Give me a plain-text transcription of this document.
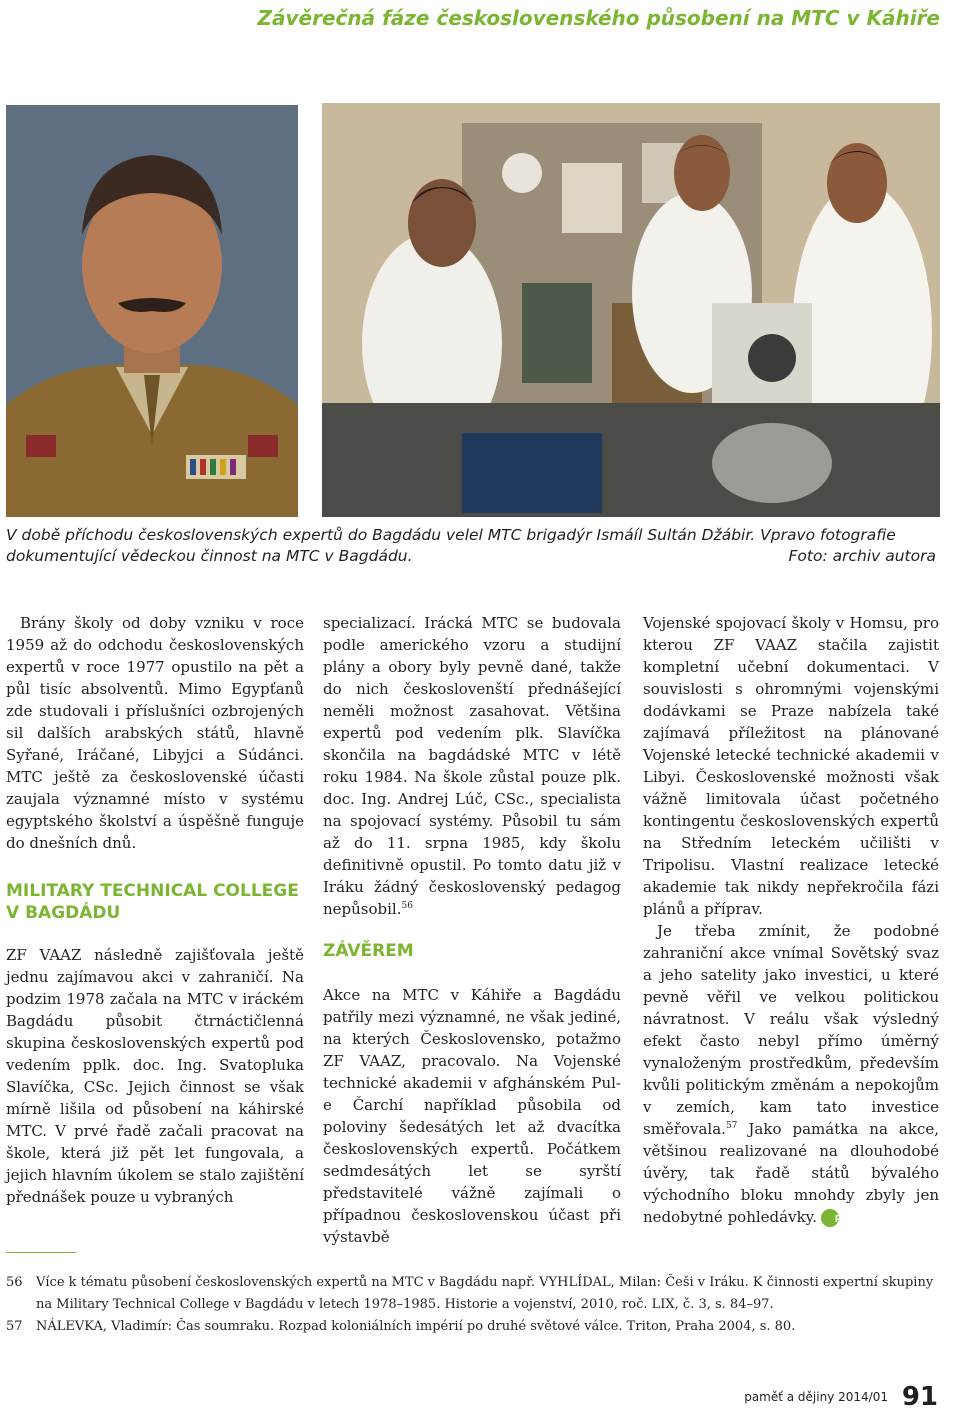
Závěrečná fáze československého působení na MTC v Káhiře
V době příchodu československých expertů do Bagdádu velel MTC brigadýr Ismáíl Sultán Džábir. Vpravo fotografie dokumentující vědeckou činnost na MTC v Bagdádu.	Foto: archiv autora

Brány školy od doby vzniku v roce 1959 až do odchodu československých expertů v roce 1977 opustilo na pět a půl tisíc absolventů. Mimo Egypťanů zde studovali i příslušníci ozbrojených sil dalších arabských států, hlavně Syřané, Iráčané, Libyjci a Súdánci. MTC ještě za československé účasti zaujala významné místo v systému egyptského školství a úspěšně funguje do dnešních dnů.

MILITARY TECHNICAL COLLEGE V BAGDÁDU

ZF VAAZ následně zajišťovala ještě jednu zajímavou akci v zahraničí. Na podzim 1978 začala na MTC v iráckém Bagdádu působit čtrnáctičlenná skupina československých expertů pod vedením pplk. doc. Ing. Svatopluka Slavíčka, CSc. Jejich činnost se však mírně lišila od působení na káhirské MTC. V prvé řadě začali pracovat na škole, která již pět let fungovala, a jejich hlavním úkolem se stalo zajištění přednášek pouze u vybraných

specializací. Irácká MTC se budovala podle amerického vzoru a studijní plány a obory byly pevně dané, takže do nich českoslovenští přednášející neměli možnost zasahovat. Většina expertů pod vedením plk. Slavíčka skončila na bagdádské MTC v létě roku 1984. Na škole zůstal pouze plk. doc. Ing. Andrej Lúč, CSc., specialista na spojovací systémy. Působil tu sám až do 11. srpna 1985, kdy školu definitivně opustil. Po tomto datu již v Iráku žádný československý pedagog nepůsobil.$^{56}$

ZÁVĚREM

Akce na MTC v Káhiře a Bagdádu patřily mezi významné, ne však jediné, na kterých Československo, potažmo ZF VAAZ, pracovalo. Na Vojenské technické akademii v afghánském Pul-e Čarchí například působila od poloviny šedesátých let až dvacítka československých expertů. Počátkem sedmdesátých let se syrští představitelé vážně zajímali o případnou československou účast při výstavbě

Vojenské spojovací školy v Homsu, pro kterou ZF VAAZ stačila zajistit kompletní učební dokumentaci. V souvislosti s ohromnými vojenskými dodávkami se Praze nabízela také zajímavá příležitost na plánované Vojenské letecké technické akademii v Libyi. Československé možnosti však vážně limitovala účast početného kontingentu československých expertů na Středním leteckém učilišti v Tripolisu. Vlastní realizace letecké akademie tak nikdy nepřekročila fázi plánů a příprav.

Je třeba zmínit, že podobné zahraniční akce vnímal Sovětský svaz a jeho satelity jako investici, u které pevně věřil ve velkou politickou návratnost. V reálu však výsledný efekt často nebyl přímo úměrný vynaloženým prostředkům, především kvůli politickým změnám a nepokojům v zemích, kam tato investice směřovala.$^{57}$ Jako památka na akce, většinou realizované na dlouhodobé úvěry, tak řadě států bývalého východního bloku mnohdy zbyly jen nedobytné pohledávky. pd

56	Více k tématu působení československých expertů na MTC v Bagdádu např. VYHLÍDAL, Milan: Češi v Iráku. K činnosti expertní skupiny na Military Technical College v Bagdádu v letech 1978–1985. Historie a vojenství, 2010, roč. LIX, č. 3, s. 84–97.
57	NÁLEVKA, Vladimír: Čas soumraku. Rozpad koloniálních impérií po druhé světové válce. Triton, Praha 2004, s. 80.
paměť a dějiny 2014/01 91
